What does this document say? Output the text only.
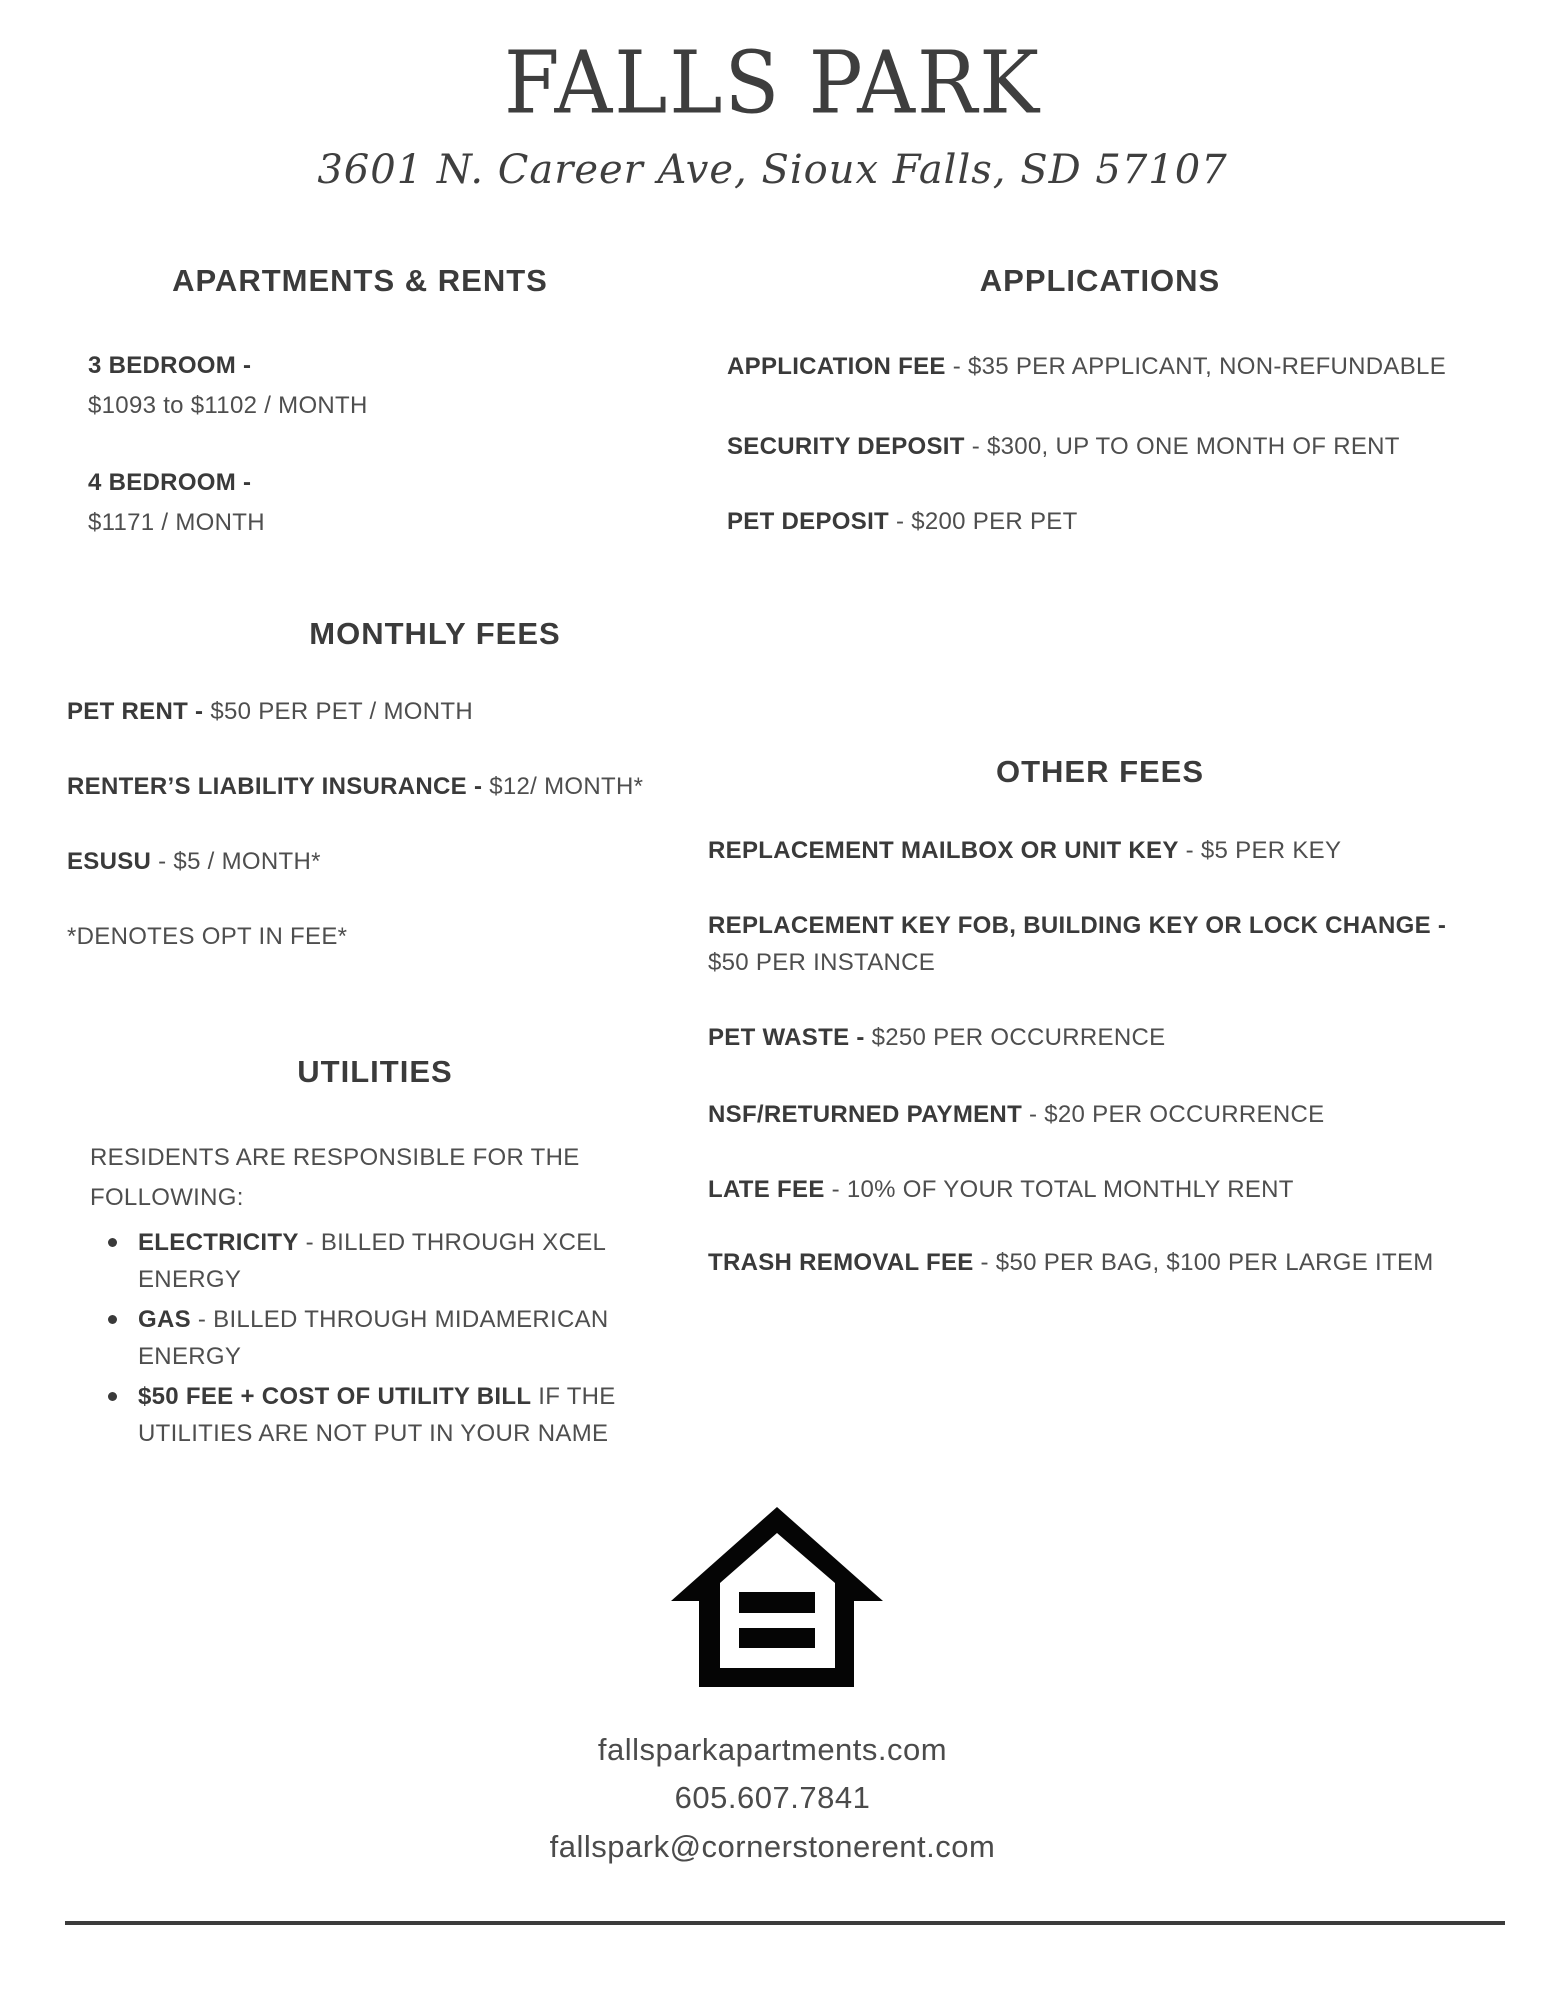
FALLS PARK
3601 N. Career Ave, Sioux Falls, SD 57107
APARTMENTS & RENTS
3 BEDROOM -
$1093 to $1102 / MONTH
4 BEDROOM -
$1171 / MONTH
MONTHLY FEES
PET RENT - $50 PER PET / MONTH
RENTER’S LIABILITY INSURANCE - $12/ MONTH*
ESUSU - $5 / MONTH*
*DENOTES OPT IN FEE*
UTILITIES
RESIDENTS ARE RESPONSIBLE FOR THE FOLLOWING:
ELECTRICITY - BILLED THROUGH XCEL ENERGY
GAS - BILLED THROUGH MIDAMERICAN ENERGY
$50 FEE + COST OF UTILITY BILL IF THE UTILITIES ARE NOT PUT IN YOUR NAME
APPLICATIONS
APPLICATION FEE - $35 PER APPLICANT, NON-REFUNDABLE
SECURITY DEPOSIT - $300, UP TO ONE MONTH OF RENT
PET DEPOSIT - $200 PER PET
OTHER FEES
REPLACEMENT MAILBOX OR UNIT KEY - $5 PER KEY
REPLACEMENT KEY FOB, BUILDING KEY OR LOCK CHANGE -
$50 PER INSTANCE
PET WASTE - $250 PER OCCURRENCE
NSF/RETURNED PAYMENT - $20 PER OCCURRENCE
LATE FEE - 10% OF YOUR TOTAL MONTHLY RENT
TRASH REMOVAL FEE - $50 PER BAG, $100 PER LARGE ITEM
fallsparkapartments.com
605.607.7841
fallspark@cornerstonerent.com
